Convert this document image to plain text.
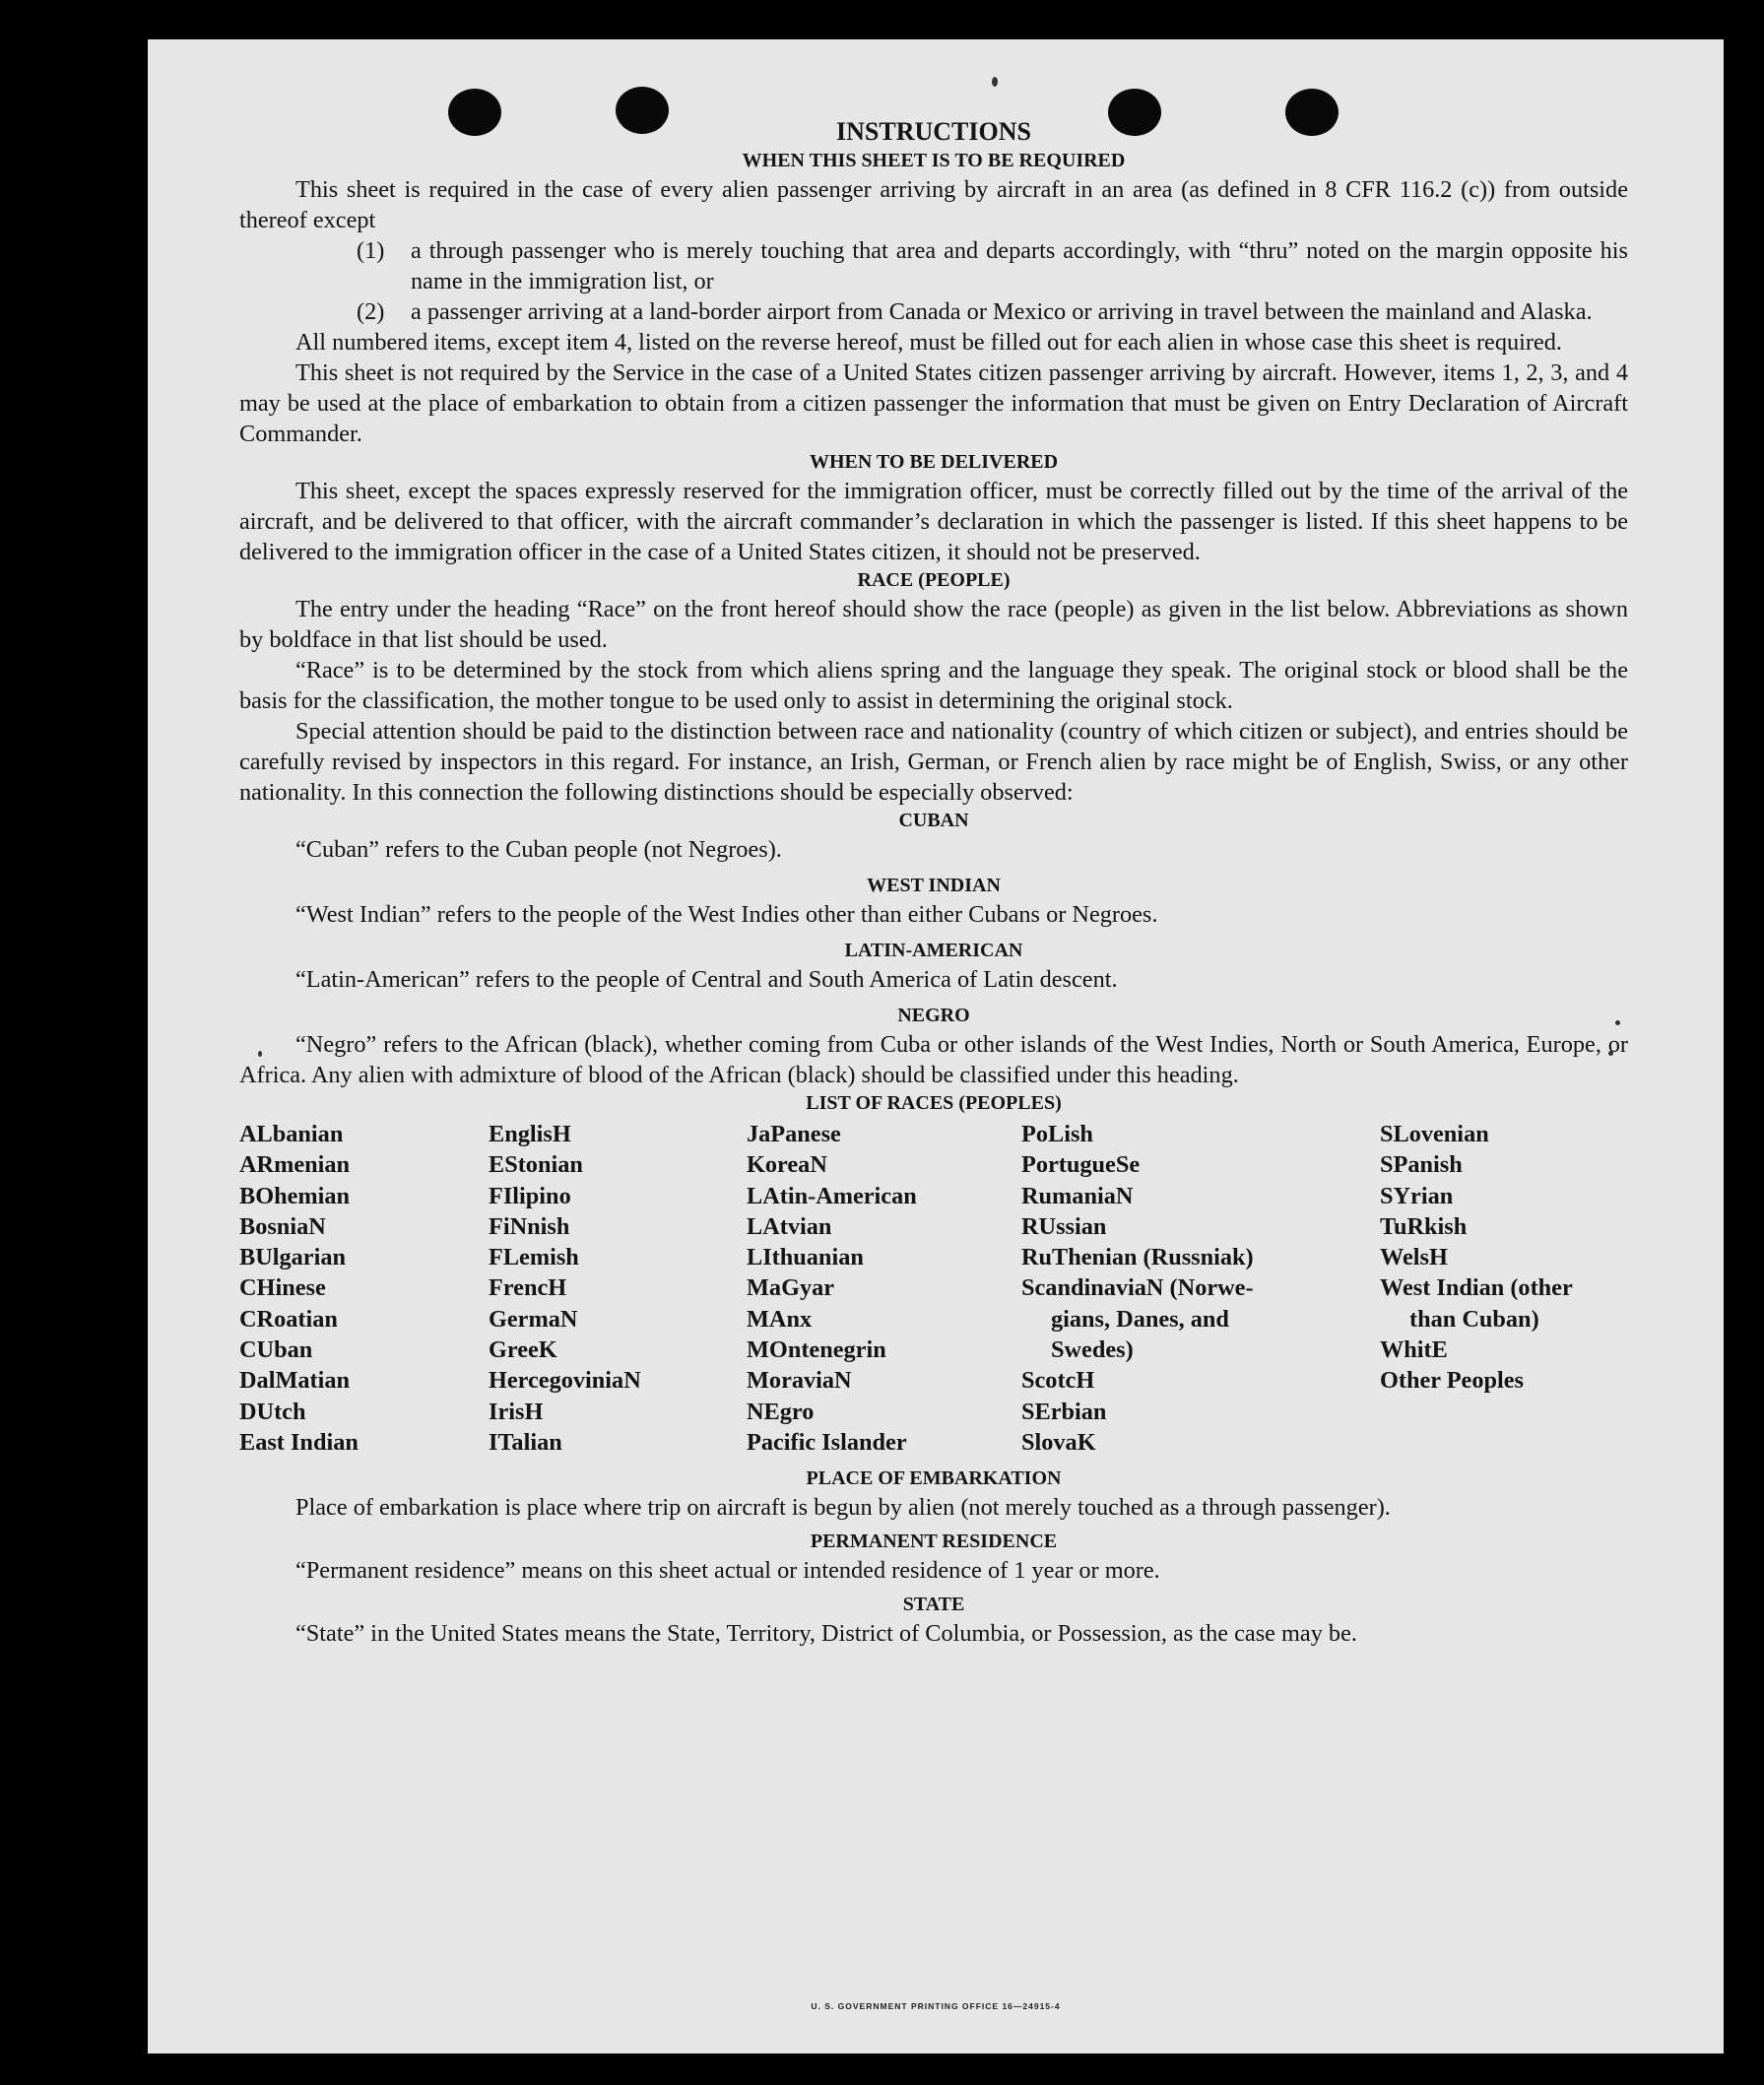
INSTRUCTIONS

WHEN THIS SHEET IS TO BE REQUIRED

This sheet is required in the case of every alien passenger arriving by aircraft in an area (as defined in 8 CFR 116.2 (c)) from outside thereof except

(1)	a through passenger who is merely touching that area and departs accordingly, with “thru” noted on the margin opposite his name in the immigration list, or
(2)	a passenger arriving at a land-border airport from Canada or Mexico or arriving in travel between the mainland and Alaska.

All numbered items, except item 4, listed on the reverse hereof, must be filled out for each alien in whose case this sheet is required.

This sheet is not required by the Service in the case of a United States citizen passenger arriving by aircraft. However, items 1, 2, 3, and 4 may be used at the place of embarkation to obtain from a citizen passenger the information that must be given on Entry Declaration of Aircraft Commander.

WHEN TO BE DELIVERED

This sheet, except the spaces expressly reserved for the immigration officer, must be correctly filled out by the time of the arrival of the aircraft, and be delivered to that officer, with the aircraft commander’s declaration in which the passenger is listed. If this sheet happens to be delivered to the immigration officer in the case of a United States citizen, it should not be preserved.

RACE (PEOPLE)

The entry under the heading “Race” on the front hereof should show the race (people) as given in the list below. Abbreviations as shown by boldface in that list should be used.

“Race” is to be determined by the stock from which aliens spring and the language they speak. The original stock or blood shall be the basis for the classification, the mother tongue to be used only to assist in determining the original stock.

Special attention should be paid to the distinction between race and nationality (country of which citizen or subject), and entries should be carefully revised by inspectors in this regard. For instance, an Irish, German, or French alien by race might be of English, Swiss, or any other nationality. In this connection the following distinctions should be especially observed:

CUBAN

“Cuban” refers to the Cuban people (not Negroes).

WEST INDIAN

“West Indian” refers to the people of the West Indies other than either Cubans or Negroes.

LATIN-AMERICAN

“Latin-American” refers to the people of Central and South America of Latin descent.

NEGRO

“Negro” refers to the African (black), whether coming from Cuba or other islands of the West Indies, North or South America, Europe, or Africa. Any alien with admixture of blood of the African (black) should be classified under this heading.

LIST OF RACES (PEOPLES)

ALbanian
ARmenian
BOhemian
BosniaN
BUlgarian
CHinese
CRoatian
CUban
DalMatian
DUtch
East Indian
EnglisH
EStonian
FIlipino
FiNnish
FLemish
FrencH
GermaN
GreeK
HercegoviniaN
IrisH
ITalian
JaPanese
KoreaN
LAtin-American
LAtvian
LIthuanian
MaGyar
MAnx
MOntenegrin
MoraviaN
NEgro
Pacific Islander
PoLish
PortugueSe
RumaniaN
RUssian
RuThenian (Russniak)
ScandinaviaN (Norwe-
gians, Danes, and
Swedes)
ScotcH
SErbian
SlovaK
SLovenian
SPanish
SYrian
TuRkish
WelsH
West Indian (other
than Cuban)
WhitE
Other Peoples

PLACE OF EMBARKATION

Place of embarkation is place where trip on aircraft is begun by alien (not merely touched as a through passenger).

PERMANENT RESIDENCE

“Permanent residence” means on this sheet actual or intended residence of 1 year or more.

STATE

“State” in the United States means the State, Territory, District of Columbia, or Possession, as the case may be.

U. S. GOVERNMENT PRINTING OFFICE 16—24915-4
